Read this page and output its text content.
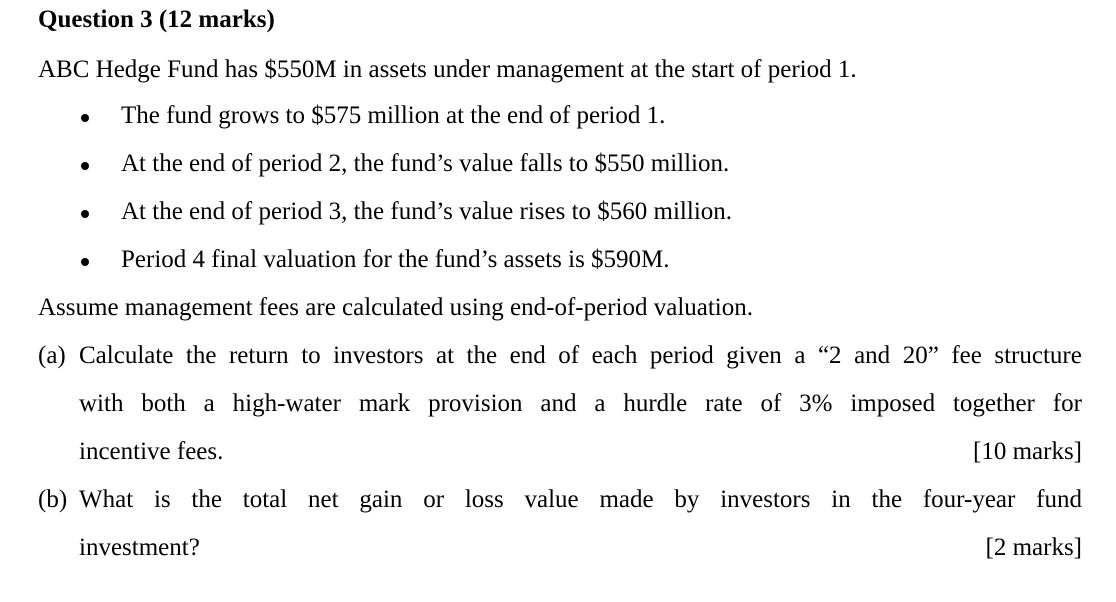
Question 3 (12 marks)
ABC Hedge Fund has $550M in assets under management at the start of period 1.
The fund grows to $575 million at the end of period 1.
At the end of period 2, the fund’s value falls to $550 million.
At the end of period 3, the fund’s value rises to $560 million.
Period 4 final valuation for the fund’s assets is $590M.
Assume management fees are calculated using end-of-period valuation.
(a) Calculate the return to investors at the end of each period given a “2 and 20” fee structure
with both a high-water mark provision and a hurdle rate of 3% imposed together for
incentive fees.	[10 marks]
(b) What is the total net gain or loss value made by investors in the four-year fund
investment?	[2 marks]
